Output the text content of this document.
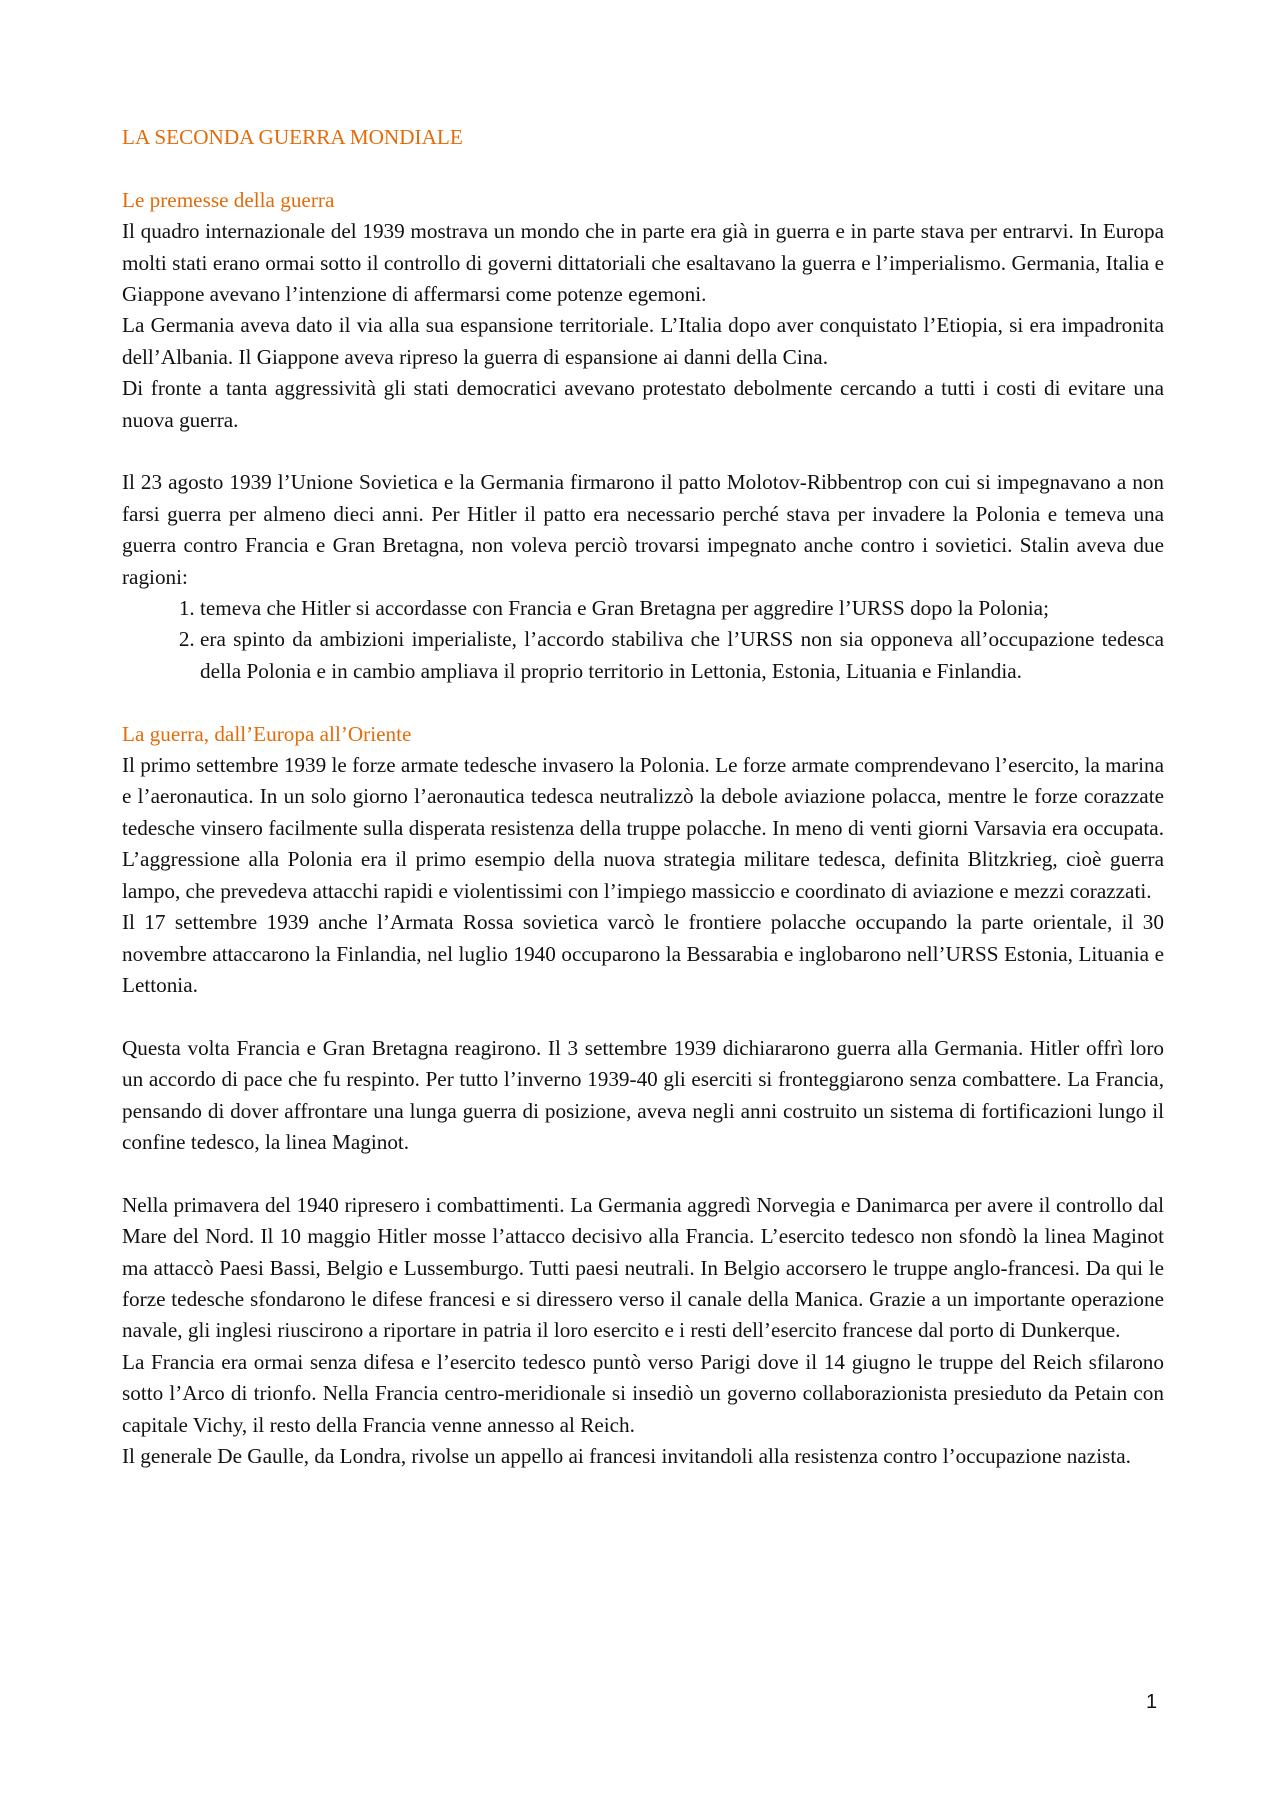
LA SECONDA GUERRA MONDIALE
Le premesse della guerra

Il quadro internazionale del 1939 mostrava un mondo che in parte era già in guerra e in parte stava per entrarvi. In Europa molti stati erano ormai sotto il controllo di governi dittatoriali che esaltavano la guerra e l’imperialismo. Germania, Italia e Giappone avevano l’intenzione di affermarsi come potenze egemoni.

La Germania aveva dato il via alla sua espansione territoriale. L’Italia dopo aver conquistato l’Etiopia, si era impadronita dell’Albania. Il Giappone aveva ripreso la guerra di espansione ai danni della Cina.

Di fronte a tanta aggressività gli stati democratici avevano protestato debolmente cercando a tutti i costi di evitare una nuova guerra.

Il 23 agosto 1939 l’Unione Sovietica e la Germania firmarono il patto Molotov-Ribbentrop con cui si impegnavano a non farsi guerra per almeno dieci anni. Per Hitler il patto era necessario perché stava per invadere la Polonia e temeva una guerra contro Francia e Gran Bretagna, non voleva perciò trovarsi impegnato anche contro i sovietici. Stalin aveva due ragioni:

1. temeva che Hitler si accordasse con Francia e Gran Bretagna per aggredire l’URSS dopo la Polonia;
2. era spinto da ambizioni imperialiste, l’accordo stabiliva che l’URSS non sia opponeva all’occupazione tedesca della Polonia e in cambio ampliava il proprio territorio in Lettonia, Estonia, Lituania e Finlandia.
La guerra, dall’Europa all’Oriente

Il primo settembre 1939 le forze armate tedesche invasero la Polonia. Le forze armate comprendevano l’esercito, la marina e l’aeronautica. In un solo giorno l’aeronautica tedesca neutralizzò la debole aviazione polacca, mentre le forze corazzate tedesche vinsero facilmente sulla disperata resistenza della truppe polacche. In meno di venti giorni Varsavia era occupata. L’aggressione alla Polonia era il primo esempio della nuova strategia militare tedesca, definita Blitzkrieg, cioè guerra lampo, che prevedeva attacchi rapidi e violentissimi con l’impiego massiccio e coordinato di aviazione e mezzi corazzati.

Il 17 settembre 1939 anche l’Armata Rossa sovietica varcò le frontiere polacche occupando la parte orientale, il 30 novembre attaccarono la Finlandia, nel luglio 1940 occuparono la Bessarabia e inglobarono nell’URSS Estonia, Lituania e Lettonia.

Questa volta Francia e Gran Bretagna reagirono. Il 3 settembre 1939 dichiararono guerra alla Germania. Hitler offrì loro un accordo di pace che fu respinto. Per tutto l’inverno 1939-40 gli eserciti si fronteggiarono senza combattere. La Francia, pensando di dover affrontare una lunga guerra di posizione, aveva negli anni costruito un sistema di fortificazioni lungo il confine tedesco, la linea Maginot.

Nella primavera del 1940 ripresero i combattimenti. La Germania aggredì Norvegia e Danimarca per avere il controllo dal Mare del Nord. Il 10 maggio Hitler mosse l’attacco decisivo alla Francia. L’esercito tedesco non sfondò la linea Maginot ma attaccò Paesi Bassi, Belgio e Lussemburgo. Tutti paesi neutrali. In Belgio accorsero le truppe anglo-francesi. Da qui le forze tedesche sfondarono le difese francesi e si diressero verso il canale della Manica. Grazie a un importante operazione navale, gli inglesi riuscirono a riportare in patria il loro esercito e i resti dell’esercito francese dal porto di Dunkerque.

La Francia era ormai senza difesa e l’esercito tedesco puntò verso Parigi dove il 14 giugno le truppe del Reich sfilarono sotto l’Arco di trionfo. Nella Francia centro-meridionale si insediò un governo collaborazionista presieduto da Petain con capitale Vichy, il resto della Francia venne annesso al Reich.

Il generale De Gaulle, da Londra, rivolse un appello ai francesi invitandoli alla resistenza contro l’occupazione nazista.

1
